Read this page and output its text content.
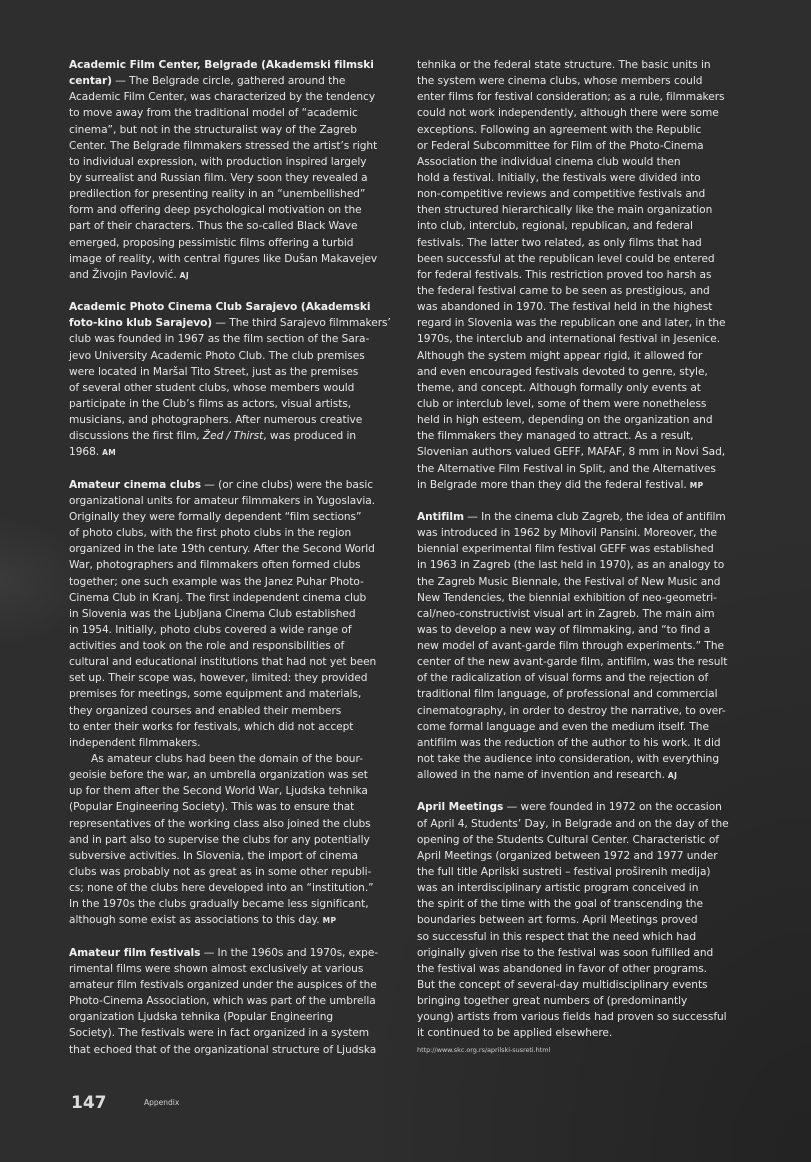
Academic Film Center, Belgrade (Akademski filmski
centar) — The Belgrade circle, gathered around the
Academic Film Center, was characterized by the tendency
to move away from the traditional model of “academic
cinema”, but not in the structuralist way of the Zagreb
Center. The Belgrade filmmakers stressed the artist’s right
to individual expression, with production inspired largely
by surrealist and Russian film. Very soon they revealed a
predilection for presenting reality in an “unembellished”
form and offering deep psychological motivation on the
part of their characters. Thus the so-called Black Wave
emerged, proposing pessimistic films offering a turbid
image of reality, with central figures like Dušan Makavejev
and Živojin Pavlović. AJ
Academic Photo Cinema Club Sarajevo (Akademski
foto-kino klub Sarajevo) — The third Sarajevo filmmakers’
club was founded in 1967 as the film section of the Sara-
jevo University Academic Photo Club. The club premises
were located in Maršal Tito Street, just as the premises
of several other student clubs, whose members would
participate in the Club’s films as actors, visual artists,
musicians, and photographers. After numerous creative
discussions the first film, Žed / Thirst, was produced in
1968. AM
Amateur cinema clubs — (or cine clubs) were the basic
organizational units for amateur filmmakers in Yugoslavia.
Originally they were formally dependent “film sections”
of photo clubs, with the first photo clubs in the region
organized in the late 19th century. After the Second World
War, photographers and filmmakers often formed clubs
together; one such example was the Janez Puhar Photo-
Cinema Club in Kranj. The first independent cinema club
in Slovenia was the Ljubljana Cinema Club established
in 1954. Initially, photo clubs covered a wide range of
activities and took on the role and responsibilities of
cultural and educational institutions that had not yet been
set up. Their scope was, however, limited: they provided
premises for meetings, some equipment and materials,
they organized courses and enabled their members
to enter their works for festivals, which did not accept
independent filmmakers.
As amateur clubs had been the domain of the bour-
geoisie before the war, an umbrella organization was set
up for them after the Second World War, Ljudska tehnika
(Popular Engineering Society). This was to ensure that
representatives of the working class also joined the clubs
and in part also to supervise the clubs for any potentially
subversive activities. In Slovenia, the import of cinema
clubs was probably not as great as in some other republi-
cs; none of the clubs here developed into an “institution.”
In the 1970s the clubs gradually became less significant,
although some exist as associations to this day. MP
Amateur film festivals — In the 1960s and 1970s, expe-
rimental films were shown almost exclusively at various
amateur film festivals organized under the auspices of the
Photo-Cinema Association, which was part of the umbrella
organization Ljudska tehnika (Popular Engineering
Society). The festivals were in fact organized in a system
that echoed that of the organizational structure of Ljudska
tehnika or the federal state structure. The basic units in
the system were cinema clubs, whose members could
enter films for festival consideration; as a rule, filmmakers
could not work independently, although there were some
exceptions. Following an agreement with the Republic
or Federal Subcommittee for Film of the Photo-Cinema
Association the individual cinema club would then
hold a festival. Initially, the festivals were divided into
non-competitive reviews and competitive festivals and
then structured hierarchically like the main organization
into club, interclub, regional, republican, and federal
festivals. The latter two related, as only films that had
been successful at the republican level could be entered
for federal festivals. This restriction proved too harsh as
the federal festival came to be seen as prestigious, and
was abandoned in 1970. The festival held in the highest
regard in Slovenia was the republican one and later, in the
1970s, the interclub and international festival in Jesenice.
Although the system might appear rigid, it allowed for
and even encouraged festivals devoted to genre, style,
theme, and concept. Although formally only events at
club or interclub level, some of them were nonetheless
held in high esteem, depending on the organization and
the filmmakers they managed to attract. As a result,
Slovenian authors valued GEFF, MAFAF, 8 mm in Novi Sad,
the Alternative Film Festival in Split, and the Alternatives
in Belgrade more than they did the federal festival. MP
Antifilm — In the cinema club Zagreb, the idea of antifilm
was introduced in 1962 by Mihovil Pansini. Moreover, the
biennial experimental film festival GEFF was established
in 1963 in Zagreb (the last held in 1970), as an analogy to
the Zagreb Music Biennale, the Festival of New Music and
New Tendencies, the biennial exhibition of neo-geometri-
cal/neo-constructivist visual art in Zagreb. The main aim
was to develop a new way of filmmaking, and “to find a
new model of avant-garde film through experiments.” The
center of the new avant-garde film, antifilm, was the result
of the radicalization of visual forms and the rejection of
traditional film language, of professional and commercial
cinematography, in order to destroy the narrative, to over-
come formal language and even the medium itself. The
antifilm was the reduction of the author to his work. It did
not take the audience into consideration, with everything
allowed in the name of invention and research. AJ
April Meetings — were founded in 1972 on the occasion
of April 4, Students’ Day, in Belgrade and on the day of the
opening of the Students Cultural Center. Characteristic of
April Meetings (organized between 1972 and 1977 under
the full title Aprilski sustreti – festival proširenih medija)
was an interdisciplinary artistic program conceived in
the spirit of the time with the goal of transcending the
boundaries between art forms. April Meetings proved
so successful in this respect that the need which had
originally given rise to the festival was soon fulfilled and
the festival was abandoned in favor of other programs.
But the concept of several-day multidisciplinary events
bringing together great numbers of (predominantly
young) artists from various fields had proven so successful
it continued to be applied elsewhere.
http://www.skc.org.rs/aprilski-susreti.html
147	Appendix
